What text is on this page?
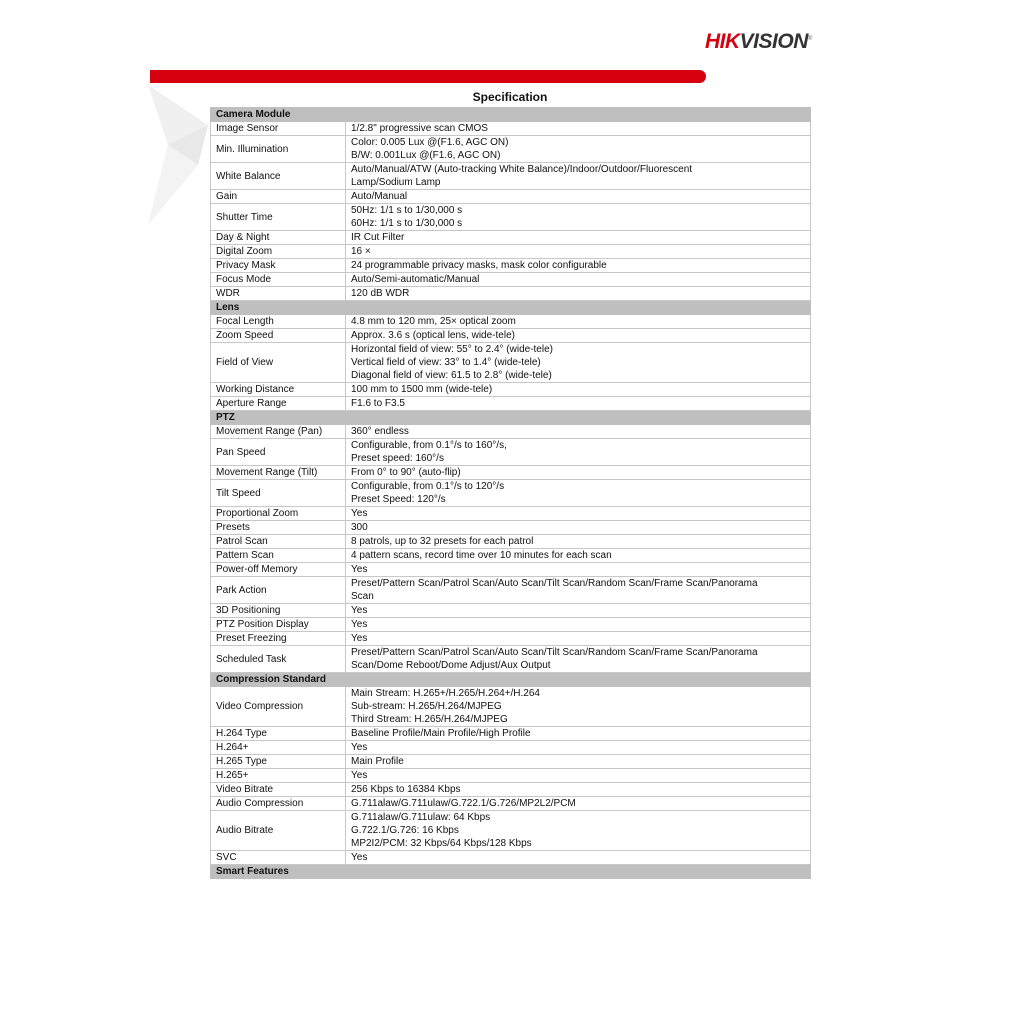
HIKVISION®
Specification
Camera Module	
Image Sensor	1/2.8" progressive scan CMOS

Min. Illumination	Color: 0.005 Lux @(F1.6, AGC ON)
B/W: 0.001Lux @(F1.6, AGC ON)

White Balance	Auto/Manual/ATW (Auto-tracking White Balance)/Indoor/Outdoor/Fluorescent
Lamp/Sodium Lamp

Gain	Auto/Manual

Shutter Time	50Hz: 1/1 s to 1/30,000 s
60Hz: 1/1 s to 1/30,000 s

Day & Night	IR Cut Filter

Digital Zoom	16 ×

Privacy Mask	24 programmable privacy masks, mask color configurable

Focus Mode	Auto/Semi-automatic/Manual

WDR	120 dB WDR

Lens	
Focal Length	4.8 mm to 120 mm, 25× optical zoom

Zoom Speed	Approx. 3.6 s (optical lens, wide-tele)

Field of View	Horizontal field of view: 55° to 2.4° (wide-tele)
Vertical field of view: 33° to 1.4° (wide-tele)
Diagonal field of view: 61.5 to 2.8° (wide-tele)

Working Distance	100 mm to 1500 mm (wide-tele)

Aperture Range	F1.6 to F3.5

PTZ	
Movement Range (Pan)	360° endless

Pan Speed	Configurable, from 0.1°/s to 160°/s,
Preset speed: 160°/s

Movement Range (Tilt)	From 0° to 90° (auto-flip)

Tilt Speed	Configurable, from 0.1°/s to 120°/s
Preset Speed: 120°/s

Proportional Zoom	Yes

Presets	300

Patrol Scan	8 patrols, up to 32 presets for each patrol

Pattern Scan	4 pattern scans, record time over 10 minutes for each scan

Power-off Memory	Yes

Park Action	Preset/Pattern Scan/Patrol Scan/Auto Scan/Tilt Scan/Random Scan/Frame Scan/Panorama
Scan

3D Positioning	Yes

PTZ Position Display	Yes

Preset Freezing	Yes

Scheduled Task	Preset/Pattern Scan/Patrol Scan/Auto Scan/Tilt Scan/Random Scan/Frame Scan/Panorama
Scan/Dome Reboot/Dome Adjust/Aux Output

Compression Standard	
Video Compression	Main Stream: H.265+/H.265/H.264+/H.264
Sub-stream: H.265/H.264/MJPEG
Third Stream: H.265/H.264/MJPEG

H.264 Type	Baseline Profile/Main Profile/High Profile

H.264+	Yes

H.265 Type	Main Profile

H.265+	Yes

Video Bitrate	256 Kbps to 16384 Kbps

Audio Compression	G.711alaw/G.711ulaw/G.722.1/G.726/MP2L2/PCM

Audio Bitrate	G.711alaw/G.711ulaw: 64 Kbps
G.722.1/G.726: 16 Kbps
MP2I2/PCM: 32 Kbps/64 Kbps/128 Kbps

SVC	Yes

Smart Features	
